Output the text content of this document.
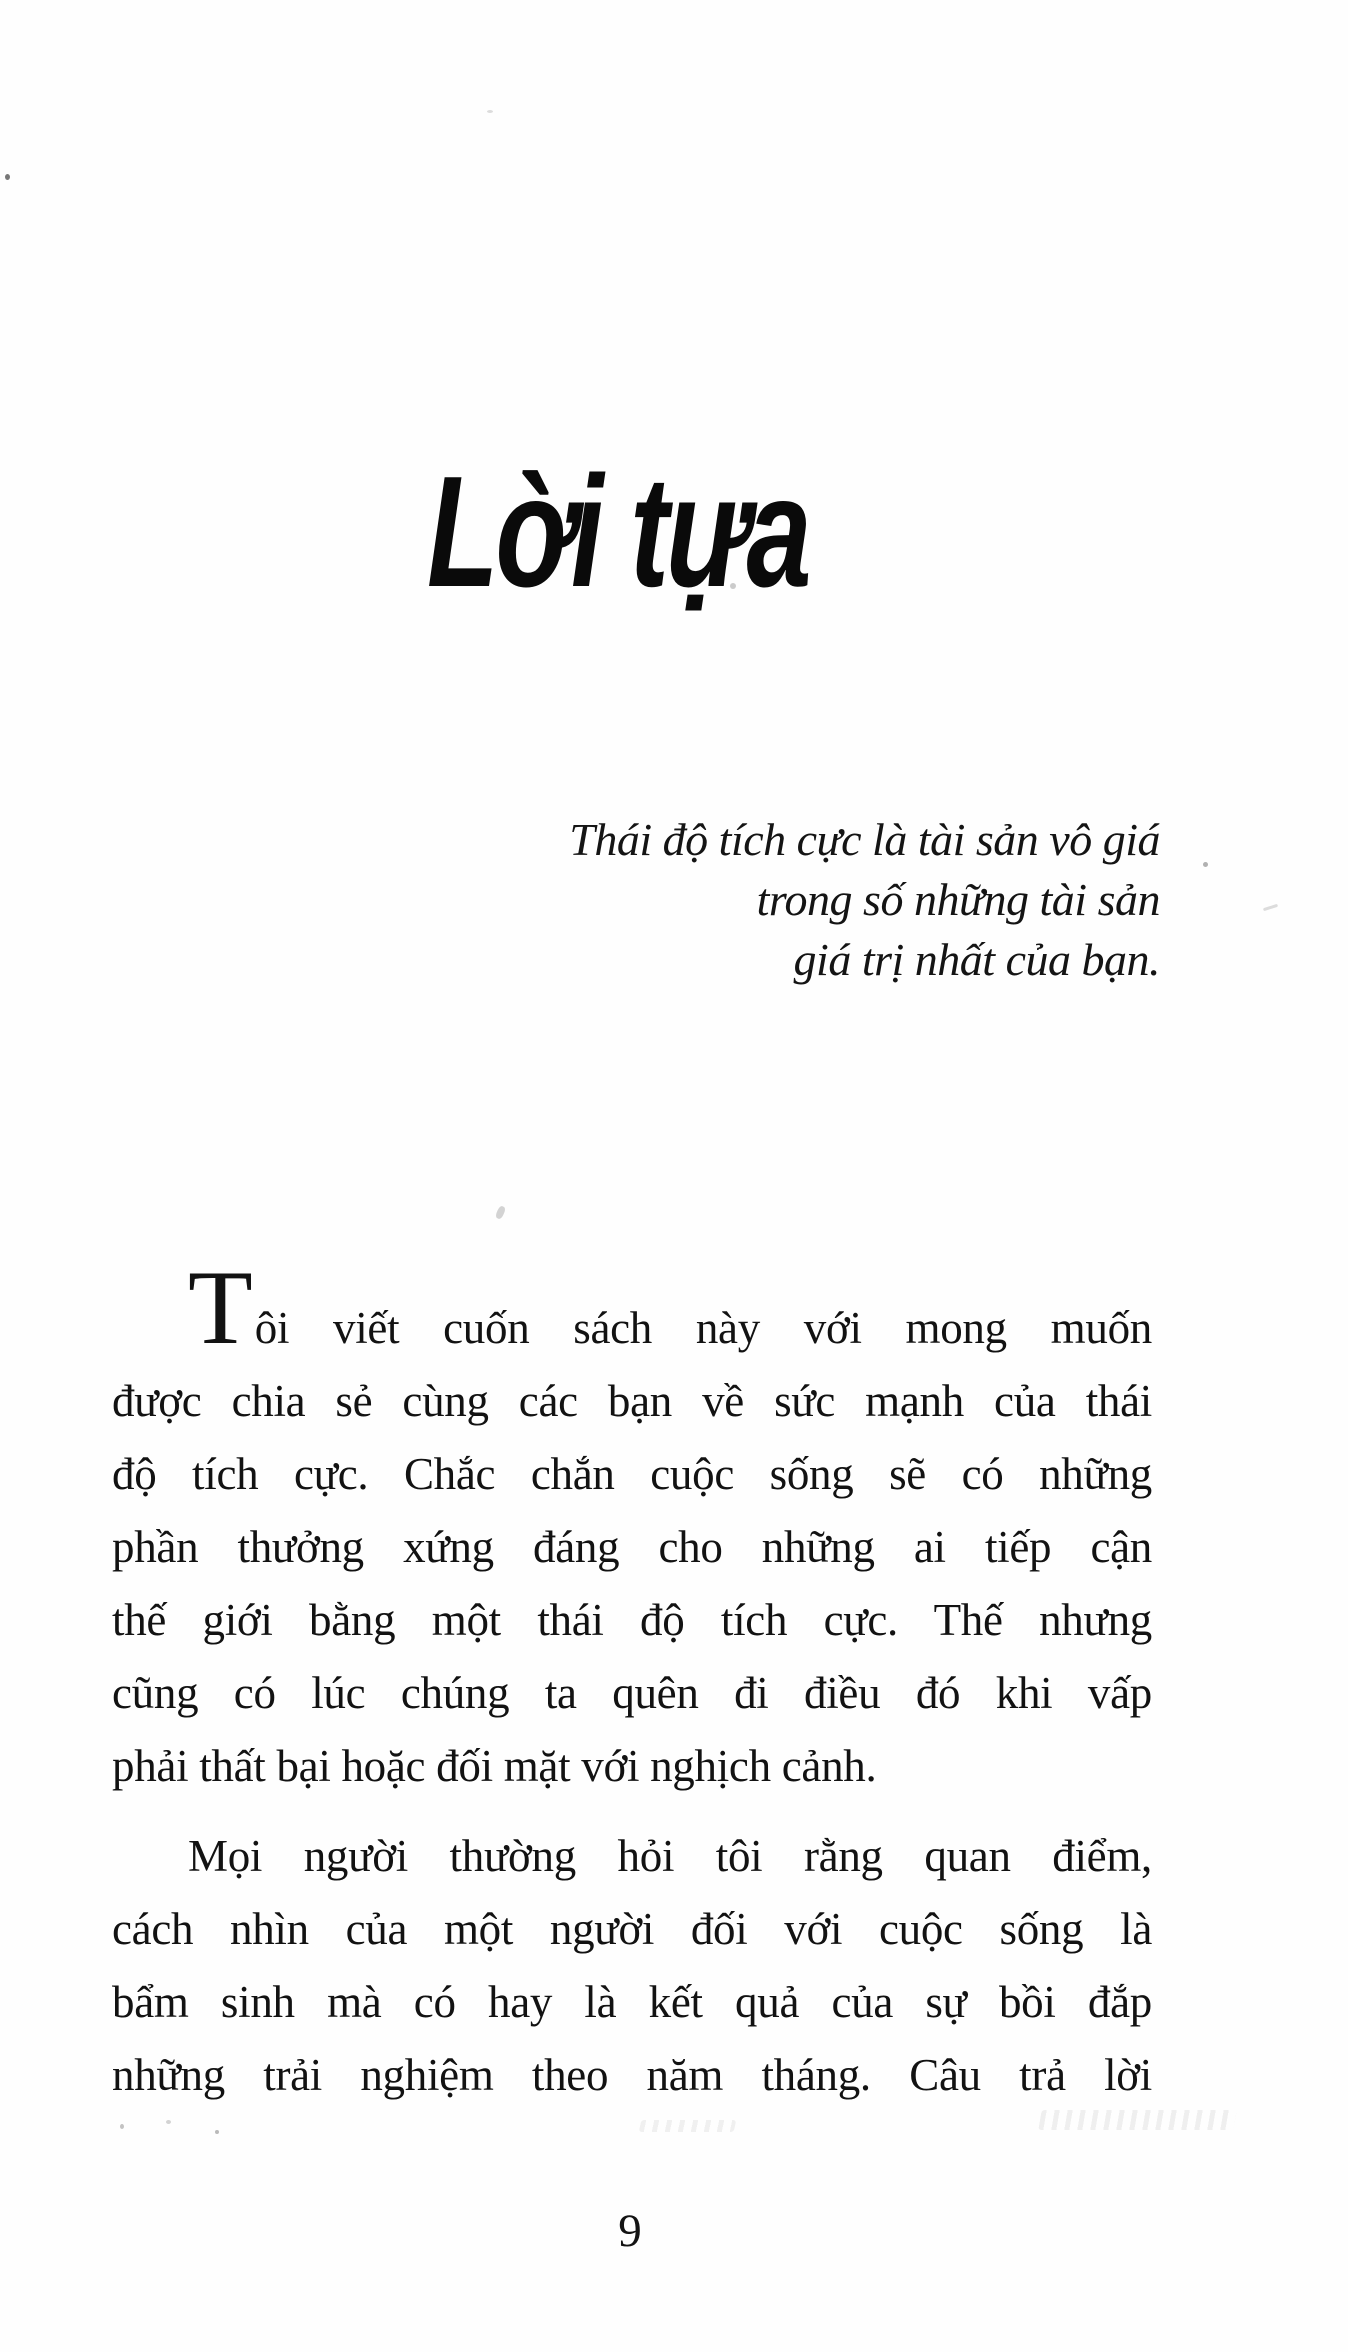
Lời tựa
Thái độ tích cực là tài sản vô giá
trong số những tài sản
giá trị nhất của bạn.
Tôi viết cuốn sách này với mong muốn
được chia sẻ cùng các bạn về sức mạnh của thái
độ tích cực. Chắc chắn cuộc sống sẽ có những
phần thưởng xứng đáng cho những ai tiếp cận
thế giới bằng một thái độ tích cực. Thế nhưng
cũng có lúc chúng ta quên đi điều đó khi vấp
phải thất bại hoặc đối mặt với nghịch cảnh.
Mọi người thường hỏi tôi rằng quan điểm,
cách nhìn của một người đối với cuộc sống là
bẩm sinh mà có hay là kết quả của sự bồi đắp
những trải nghiệm theo năm tháng. Câu trả lời
9
